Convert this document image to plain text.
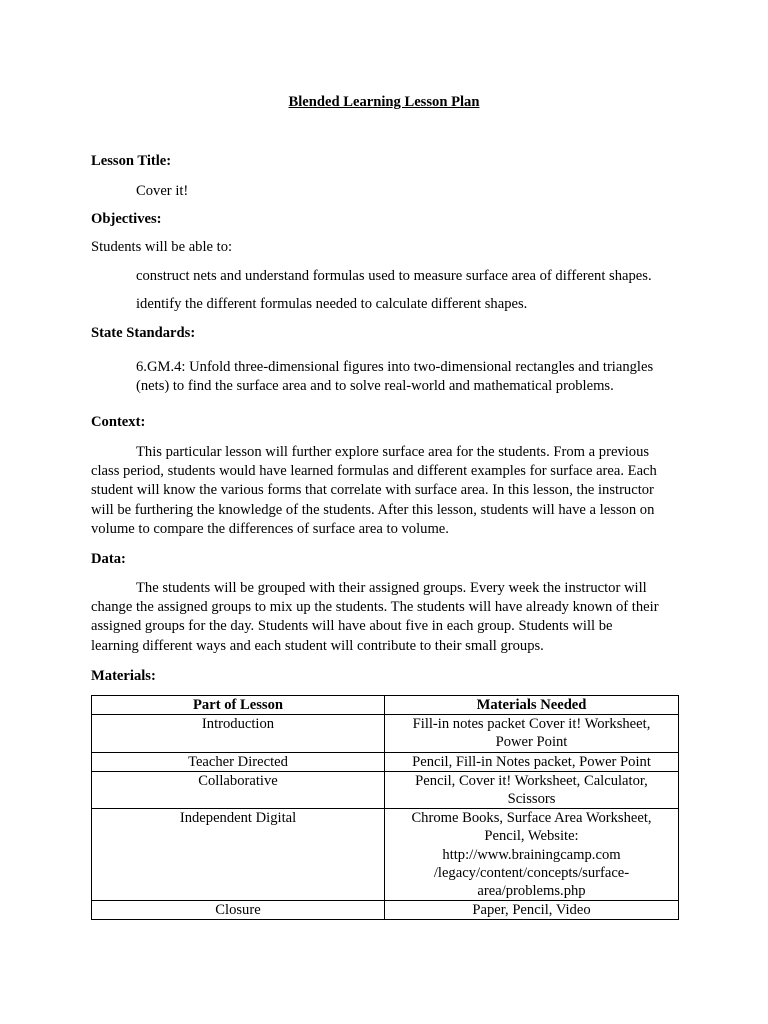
Blended Learning Lesson Plan
Lesson Title:
Cover it!
Objectives:
Students will be able to:
construct nets and understand formulas used to measure surface area of different shapes.
identify the different formulas needed to calculate different shapes.
State Standards:
6.GM.4: Unfold three-dimensional figures into two-dimensional rectangles and triangles
(nets) to find the surface area and to solve real-world and mathematical problems.
Context:
This particular lesson will further explore surface area for the students. From a previous
class period, students would have learned formulas and different examples for surface area. Each
student will know the various forms that correlate with surface area. In this lesson, the instructor
will be furthering the knowledge of the students. After this lesson, students will have a lesson on
volume to compare the differences of surface area to volume.
Data:
The students will be grouped with their assigned groups. Every week the instructor will
change the assigned groups to mix up the students. The students will have already known of their
assigned groups for the day. Students will have about five in each group. Students will be
learning different ways and each student will contribute to their small groups.
Materials:
Part of Lesson	Materials Needed
Introduction	Fill-in notes packet Cover it! Worksheet,
Power Point

Teacher Directed	Pencil, Fill-in Notes packet, Power Point

Collaborative	Pencil, Cover it! Worksheet, Calculator,
Scissors

Independent Digital	Chrome Books, Surface Area Worksheet,
Pencil, Website:
http://www.brainingcamp.com
/legacy/content/concepts/surface-
area/problems.php

Closure	Paper, Pencil, Video
